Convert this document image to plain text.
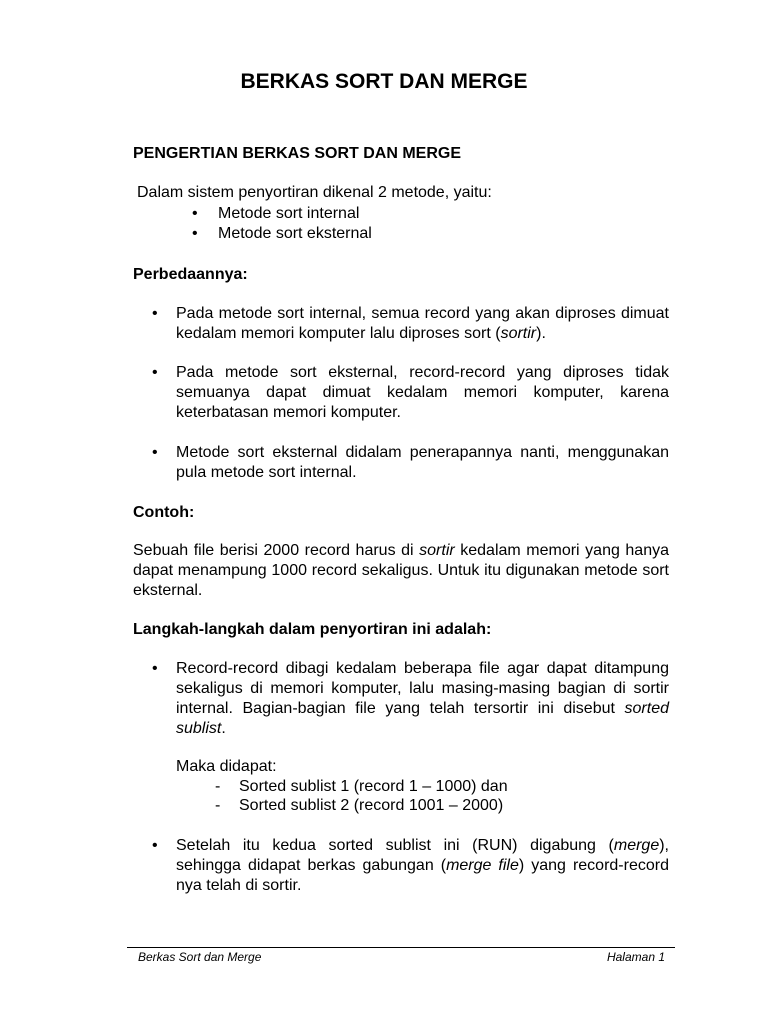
BERKAS SORT DAN MERGE
PENGERTIAN BERKAS SORT DAN MERGE
Dalam sistem penyortiran dikenal 2 metode, yaitu:
• Metode sort internal
• Metode sort eksternal
Perbedaannya:
•	Pada metode sort internal, semua record yang akan diproses dimuat kedalam memori komputer lalu diproses sort (sortir).
•	Pada metode sort eksternal, record-record yang diproses tidak semuanya dapat dimuat kedalam memori komputer, karena keterbatasan memori komputer.
•	Metode sort eksternal didalam penerapannya nanti, menggunakan pula metode sort internal.
Contoh:
Sebuah file berisi 2000 record harus di sortir kedalam memori yang hanya dapat menampung 1000 record sekaligus. Untuk itu digunakan metode sort eksternal.
Langkah-langkah dalam penyortiran ini adalah:
•	Record-record dibagi kedalam beberapa file agar dapat ditampung sekaligus di memori komputer, lalu masing-masing bagian di sortir internal. Bagian-bagian file yang telah tersortir ini disebut sorted sublist.
Maka didapat:
- Sorted sublist 1 (record 1 – 1000) dan
- Sorted sublist 2 (record 1001 – 2000)
•	Setelah itu kedua sorted sublist ini (RUN) digabung (merge), sehingga didapat berkas gabungan (merge file) yang record-record nya telah di sortir.
Berkas Sort dan Merge	Halaman 1
